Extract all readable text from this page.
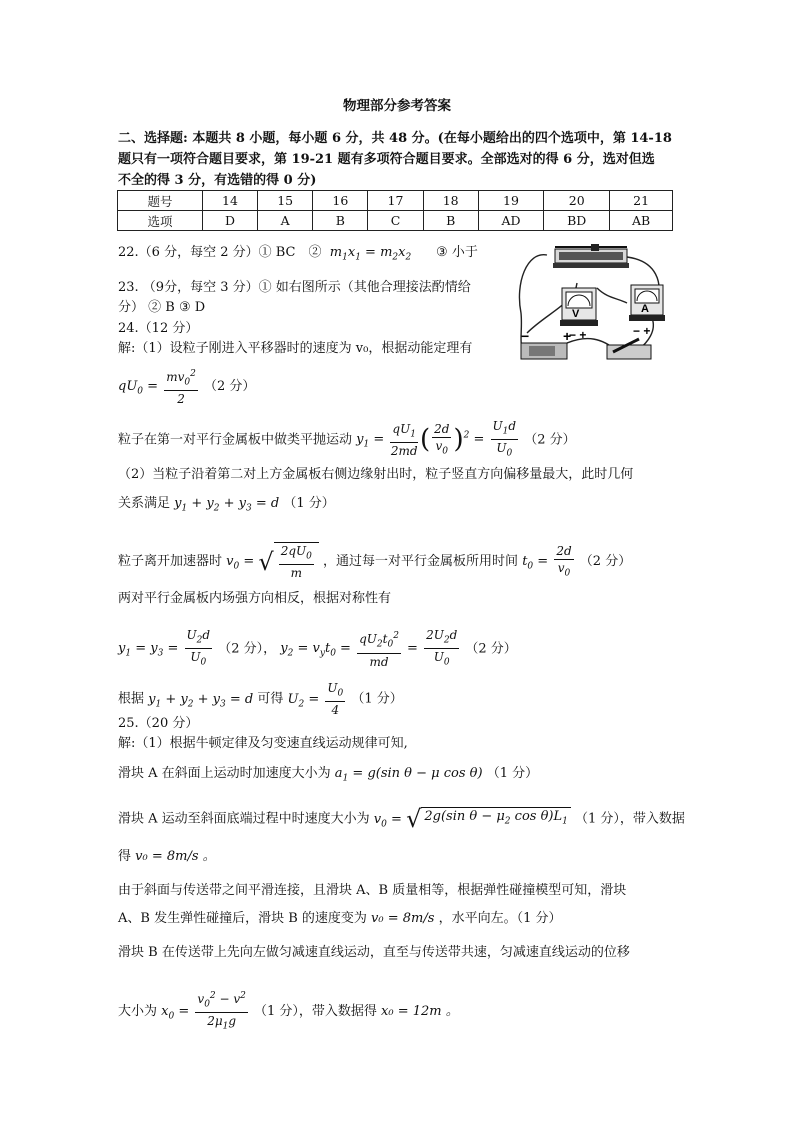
物理部分参考答案
二、选择题: 本题共 8 小题，每小题 6 分，共 48 分。(在每小题给出的四个选项中，第 14-18
题只有一项符合题目要求，第 19-21 题有多项符合题目要求。全部选对的得 6 分，选对但选
不全的得 3 分，有选错的得 0 分)
题号	14	15	16	17	18	19	20	21
选项	D	A	B	C	B	AD	BD	AB
22.（6 分，每空 2 分）① BC　②  $m_1x_1 = m_2x_2$ ③ 小于
23. （9分，每空 3 分）① 如右图所示（其他合理接法酌情给
分） ② B ③ D	V	A
− +
− +	− +
24.（12 分）
解:（1）设粒子刚进入平移器时的速度为 v₀，根据动能定理有
$qU_0 = \frac{mv_0^2}{2} (2$ 分）
粒子在第一对平行金属板中做类平抛运动 $y_1 = \frac{qU_1}{2md}$ ( $\frac{2d}{v_0} )^2 = \frac{U_1d}{U_0} (2$ 分）
（2）当粒子沿着第二对上方金属板右侧边缘射出时，粒子竖直方向偏移量最大，此时几何
关系满足 $y_1 + y_2 + y_3 = d$ （1 分）
粒子离开加速器时 $v_0$ = √ $\frac{2qU_0}{m}$ ，通过每一对平行金属板所用时间 $t_0 = \frac{2d}{v_0} (2$ 分）
两对平行金属板内场强方向相反，根据对称性有
$y_1 = y_3 = \frac{U_2d}{U_0} (2$ 分）， $y_2 = v_yt_0 = \frac{qU_2t_0^2}{md} = \frac{2U_2d}{U_0} (2$ 分）
根据 $y_1 + y_2 + y_3 = d$ 可得 $U_2 = \frac{U_0}{4} (1$ 分）
25.（20 分）
解:（1）根据牛顿定律及匀变速直线运动规律可知,
滑块 A 在斜面上运动时加速度大小为 $a_1 = g(\sin$ θ − μ cos θ) （1 分）
滑块 A 运动至斜面底端过程中时速度大小为 $v_0$ = √ 2g(sin $\theta - \mu_2$ $\cos \theta)L_1$ （1 分），带入数据
得 v₀ = 8m/s 。
由于斜面与传送带之间平滑连接，且滑块 A、B 质量相等，根据弹性碰撞模型可知，滑块
A、B 发生弹性碰撞后，滑块 B 的速度变为 v₀ = 8m/s ，水平向左。（1 分）
滑块 B 在传送带上先向左做匀减速直线运动，直至与传送带共速，匀减速直线运动的位移
大小为 $x_0 = \frac{v_0^2 - v^2}{2\mu_1g} (1$ 分），带入数据得 x₀ = 12m 。
